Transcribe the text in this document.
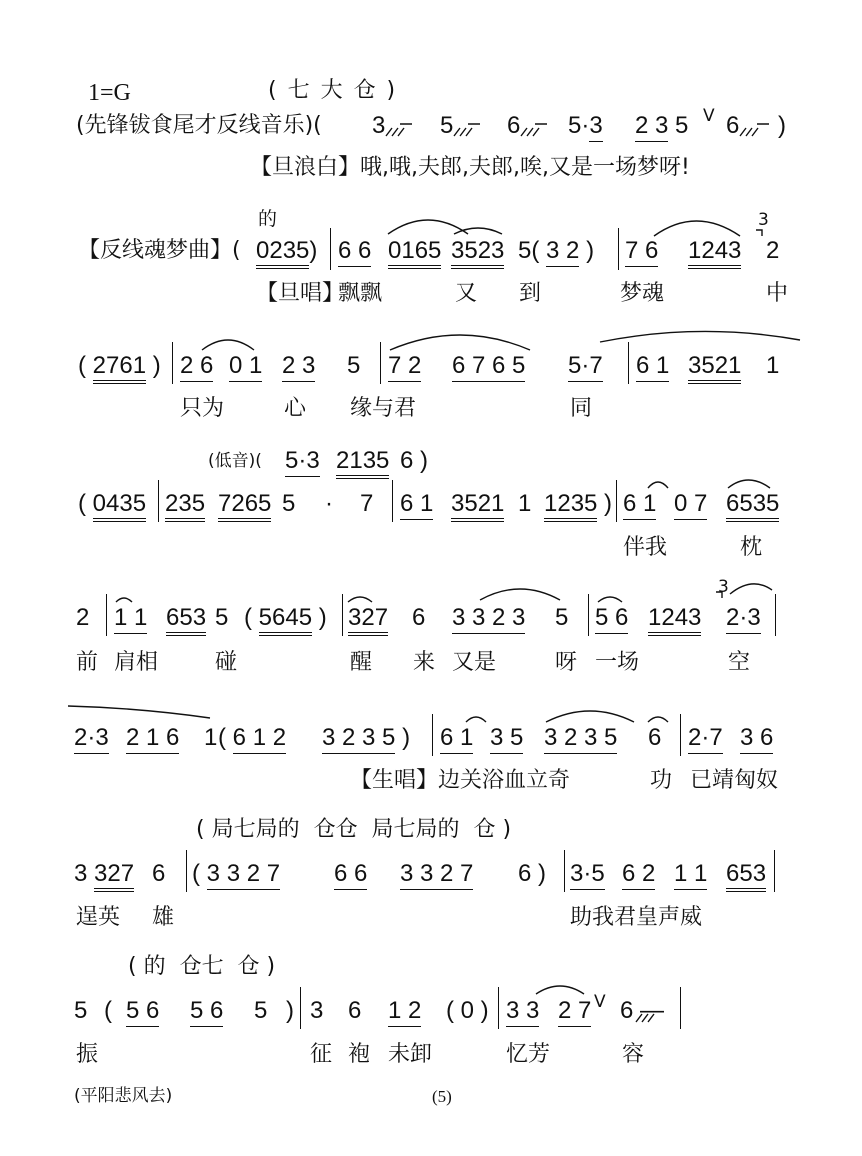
1=G	( 七 大 仓 )
(先锋钹食尾才反线音乐)( 3 5 6 5·3 2 3 5 V 6 )
【旦浪白】哦,哦,夫郎,夫郎,唉,又是一场梦呀!
的
【反线魂梦曲】( 0235) 6 6 0165 3523 5( 3 2 ) 7 6 1243
3
2
【旦唱】
飘飘	又 到	梦魂	中
( 2761 ) 2 6 0 1 2 3 5 7 2 6 7 6 5 5·7 6 1 3521 1
只为	心 缘与君	同
(低音)( 5·3 2135 6 )
( 0435 235 7265 5 · 7 6 1 3521 1 1235 ) 6 1 0 7 6535
伴我	枕
2 1 1 653 5 ( 5645 ) 327 6 3 3 2 3 5 5 6 1243
3
2·3
前 肩相	碰	醒 来 又是	呀 一场	空
2·3 2 1 6 1 ( 6 1 2 3 2 3 5 ) 6 1 3 5 3 2 3 5 6 2·7 3 6
【生唱】 边关浴血立奇	功 已靖匈奴
( 局七局的  仓仓  局七局的  仓 )
3 327 6 ( 3 3 2 7 6 6 3 3 2 7 6 ) 3·5 6 2 1 1 653
逞英 雄	助我君皇声威
( 的  仓七  仓 )
5 ( 5 6 5 6 5 ) 3 6 1 2 ( 0 ) 3 3 2 7 V 6 —
振	征 袍 未卸	忆芳	容
(平阳悲风去)	(5)
